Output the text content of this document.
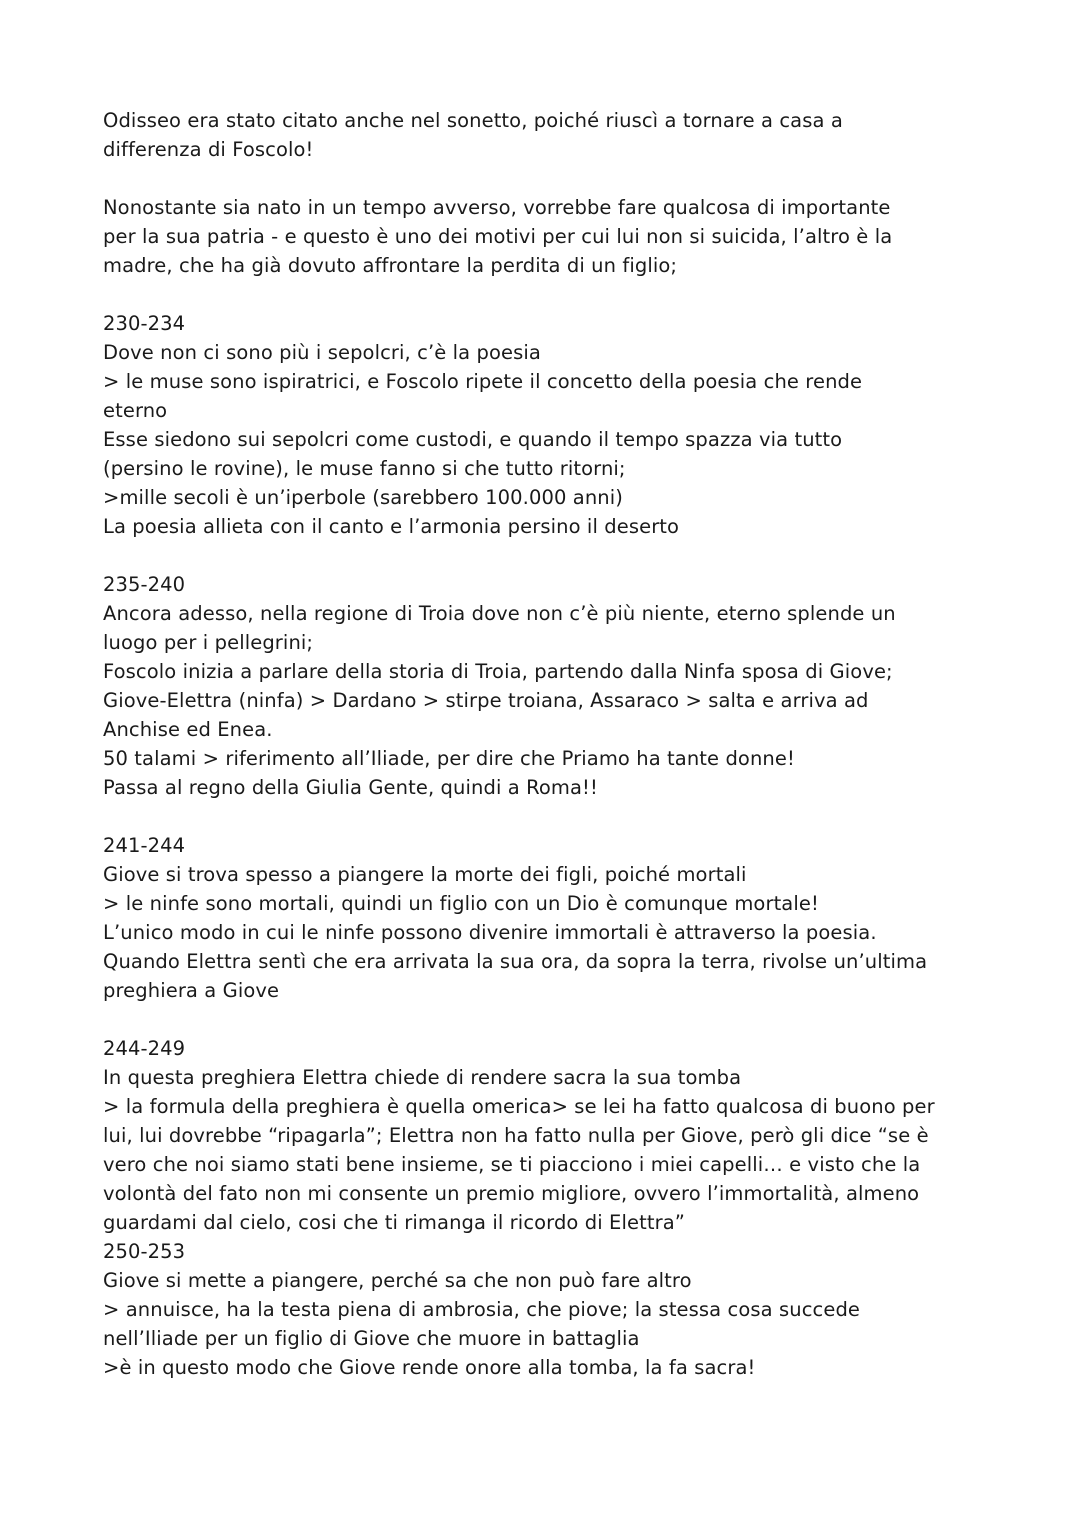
Odisseo era stato citato anche nel sonetto, poiché riuscì a tornare a casa a
differenza di Foscolo!
Nonostante sia nato in un tempo avverso, vorrebbe fare qualcosa di importante
per la sua patria - e questo è uno dei motivi per cui lui non si suicida, l’altro è la
madre, che ha già dovuto affrontare la perdita di un figlio;
230-234
Dove non ci sono più i sepolcri, c’è la poesia
> le muse sono ispiratrici, e Foscolo ripete il concetto della poesia che rende
eterno
Esse siedono sui sepolcri come custodi, e quando il tempo spazza via tutto
(persino le rovine), le muse fanno si che tutto ritorni;
>mille secoli è un’iperbole (sarebbero 100.000 anni)
La poesia allieta con il canto e l’armonia persino il deserto
235-240
Ancora adesso, nella regione di Troia dove non c’è più niente, eterno splende un
luogo per i pellegrini;
Foscolo inizia a parlare della storia di Troia, partendo dalla Ninfa sposa di Giove;
Giove-Elettra (ninfa) > Dardano > stirpe troiana, Assaraco > salta e arriva ad
Anchise ed Enea.
50 talami > riferimento all’Iliade, per dire che Priamo ha tante donne!
Passa al regno della Giulia Gente, quindi a Roma!!
241-244
Giove si trova spesso a piangere la morte dei figli, poiché mortali
> le ninfe sono mortali, quindi un figlio con un Dio è comunque mortale!
L’unico modo in cui le ninfe possono divenire immortali è attraverso la poesia.
Quando Elettra sentì che era arrivata la sua ora, da sopra la terra, rivolse un’ultima
preghiera a Giove
244-249
In questa preghiera Elettra chiede di rendere sacra la sua tomba
> la formula della preghiera è quella omerica> se lei ha fatto qualcosa di buono per
lui, lui dovrebbe “ripagarla”; Elettra non ha fatto nulla per Giove, però gli dice “se è
vero che noi siamo stati bene insieme, se ti piacciono i miei capelli… e visto che la
volontà del fato non mi consente un premio migliore, ovvero l’immortalità, almeno
guardami dal cielo, cosi che ti rimanga il ricordo di Elettra”
250-253
Giove si mette a piangere, perché sa che non può fare altro
> annuisce, ha la testa piena di ambrosia, che piove; la stessa cosa succede
nell’Iliade per un figlio di Giove che muore in battaglia
>è in questo modo che Giove rende onore alla tomba, la fa sacra!
